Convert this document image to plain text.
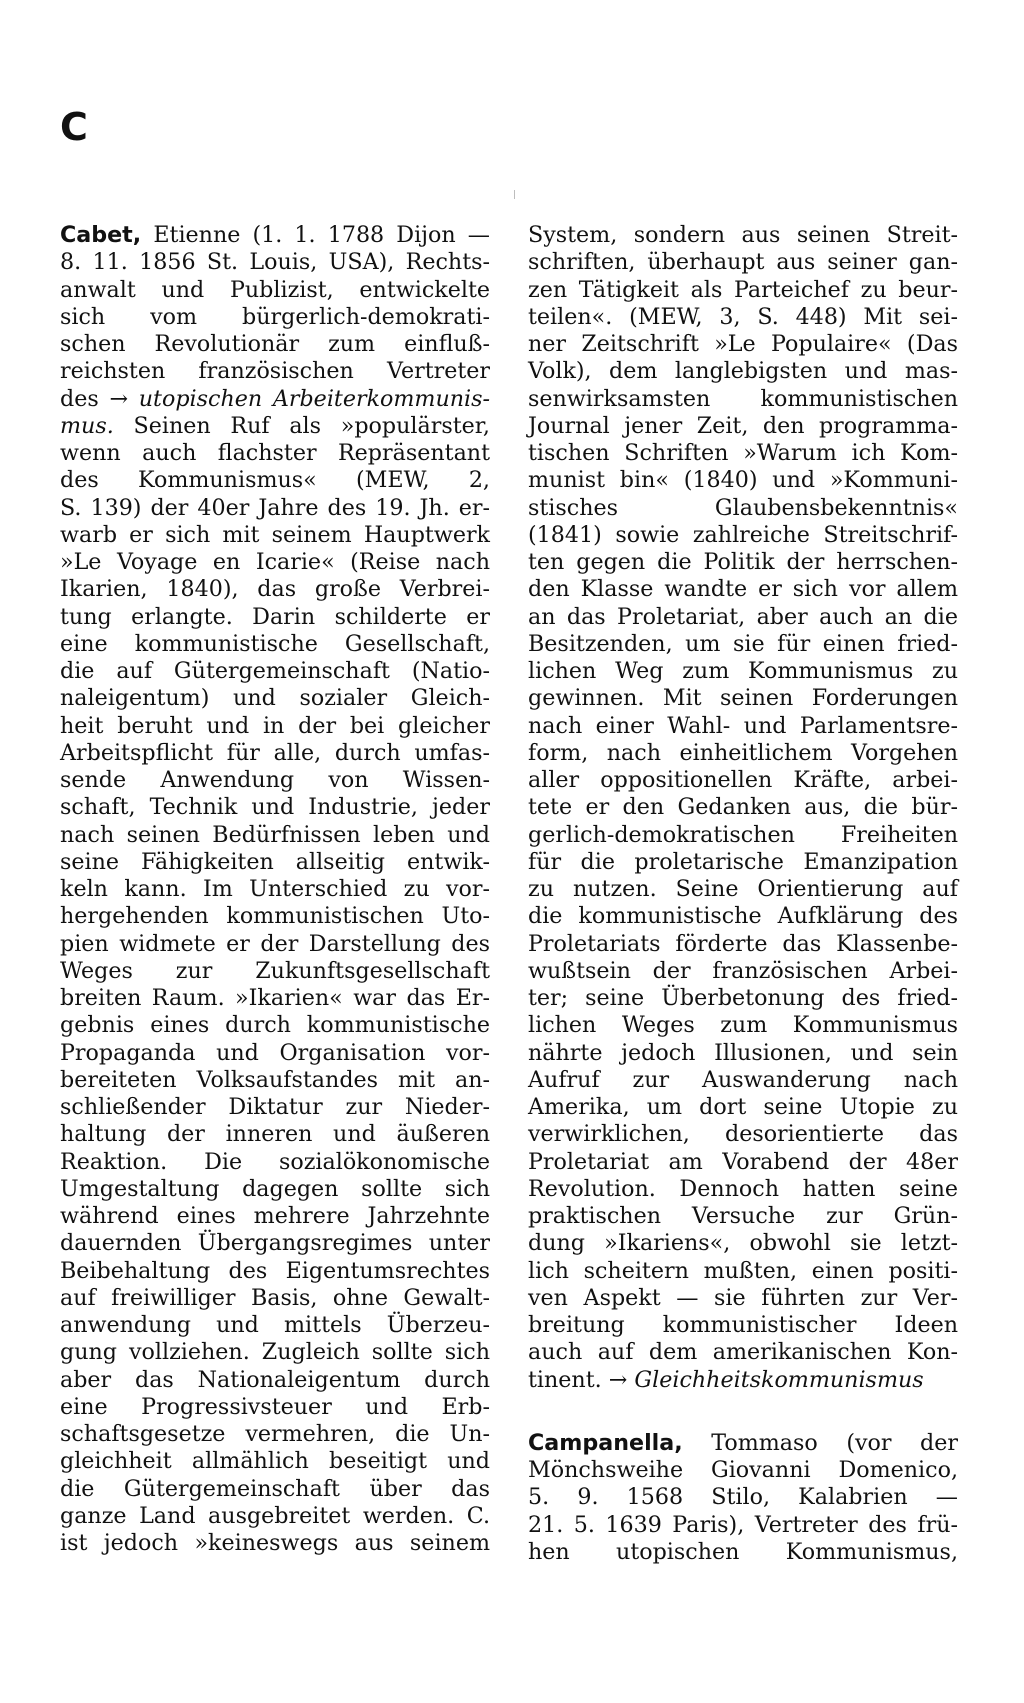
C
Cabet, Etienne (1. 1. 1788 Dijon —
8. 11. 1856 St. Louis, USA), Rechts-
anwalt und Publizist, entwickelte
sich vom bürgerlich-demokrati-
schen Revolutionär zum einfluß-
reichsten französischen Vertreter
des → utopischen Arbeiterkommunis-
mus. Seinen Ruf als »populärster,
wenn auch flachster Repräsentant
des Kommunismus« (MEW, 2,
S. 139) der 40er Jahre des 19. Jh. er-
warb er sich mit seinem Hauptwerk
»Le Voyage en Icarie« (Reise nach
Ikarien, 1840), das große Verbrei-
tung erlangte. Darin schilderte er
eine kommunistische Gesellschaft,
die auf Gütergemeinschaft (Natio-
naleigentum) und sozialer Gleich-
heit beruht und in der bei gleicher
Arbeitspflicht für alle, durch umfas-
sende Anwendung von Wissen-
schaft, Technik und Industrie, jeder
nach seinen Bedürfnissen leben und
seine Fähigkeiten allseitig entwik-
keln kann. Im Unterschied zu vor-
hergehenden kommunistischen Uto-
pien widmete er der Darstellung des
Weges zur Zukunftsgesellschaft
breiten Raum. »Ikarien« war das Er-
gebnis eines durch kommunistische
Propaganda und Organisation vor-
bereiteten Volksaufstandes mit an-
schließender Diktatur zur Nieder-
haltung der inneren und äußeren
Reaktion. Die sozialökonomische
Umgestaltung dagegen sollte sich
während eines mehrere Jahrzehnte
dauernden Übergangsregimes unter
Beibehaltung des Eigentumsrechtes
auf freiwilliger Basis, ohne Gewalt-
anwendung und mittels Überzeu-
gung vollziehen. Zugleich sollte sich
aber das Nationaleigentum durch
eine Progressivsteuer und Erb-
schaftsgesetze vermehren, die Un-
gleichheit allmählich beseitigt und
die Gütergemeinschaft über das
ganze Land ausgebreitet werden. C.
ist jedoch »keineswegs aus seinem
System, sondern aus seinen Streit-
schriften, überhaupt aus seiner gan-
zen Tätigkeit als Parteichef zu beur-
teilen«. (MEW, 3, S. 448) Mit sei-
ner Zeitschrift »Le Populaire« (Das
Volk), dem langlebigsten und mas-
senwirksamsten kommunistischen
Journal jener Zeit, den programma-
tischen Schriften »Warum ich Kom-
munist bin« (1840) und »Kommuni-
stisches Glaubensbekenntnis«
(1841) sowie zahlreiche Streitschrif-
ten gegen die Politik der herrschen-
den Klasse wandte er sich vor allem
an das Proletariat, aber auch an die
Besitzenden, um sie für einen fried-
lichen Weg zum Kommunismus zu
gewinnen. Mit seinen Forderungen
nach einer Wahl- und Parlamentsre-
form, nach einheitlichem Vorgehen
aller oppositionellen Kräfte, arbei-
tete er den Gedanken aus, die bür-
gerlich-demokratischen Freiheiten
für die proletarische Emanzipation
zu nutzen. Seine Orientierung auf
die kommunistische Aufklärung des
Proletariats förderte das Klassenbe-
wußtsein der französischen Arbei-
ter; seine Überbetonung des fried-
lichen Weges zum Kommunismus
nährte jedoch Illusionen, und sein
Aufruf zur Auswanderung nach
Amerika, um dort seine Utopie zu
verwirklichen, desorientierte das
Proletariat am Vorabend der 48er
Revolution. Dennoch hatten seine
praktischen Versuche zur Grün-
dung »Ikariens«, obwohl sie letzt-
lich scheitern mußten, einen positi-
ven Aspekt — sie führten zur Ver-
breitung kommunistischer Ideen
auch auf dem amerikanischen Kon-
tinent. → Gleichheitskommunismus
Campanella, Tommaso (vor der
Mönchsweihe Giovanni Domenico,
5. 9. 1568 Stilo, Kalabrien —
21. 5. 1639 Paris), Vertreter des frü-
hen utopischen Kommunismus,
